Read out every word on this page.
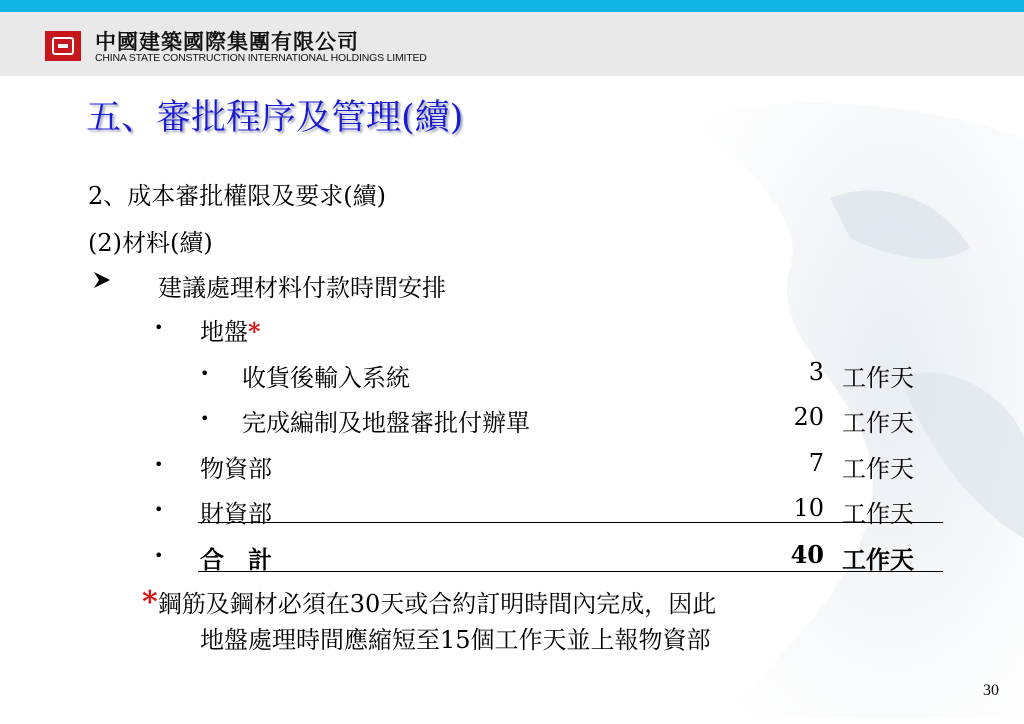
中國建築國際集團有限公司
CHINA STATE CONSTRUCTION INTERNATIONAL HOLDINGS LIMITED
五、審批程序及管理(續)
2、成本審批權限及要求(續)
(2)材料(續)
建議處理材料付款時間安排
• 地盤*
• 收貨後輸入系統	3 工作天
• 完成編制及地盤審批付辦單	20 工作天
• 物資部	7 工作天
• 財資部	10 工作天
• 合　計	40 工作天
*鋼筋及鋼材必須在30天或合約訂明時間內完成，因此
地盤處理時間應縮短至15個工作天並上報物資部
30
